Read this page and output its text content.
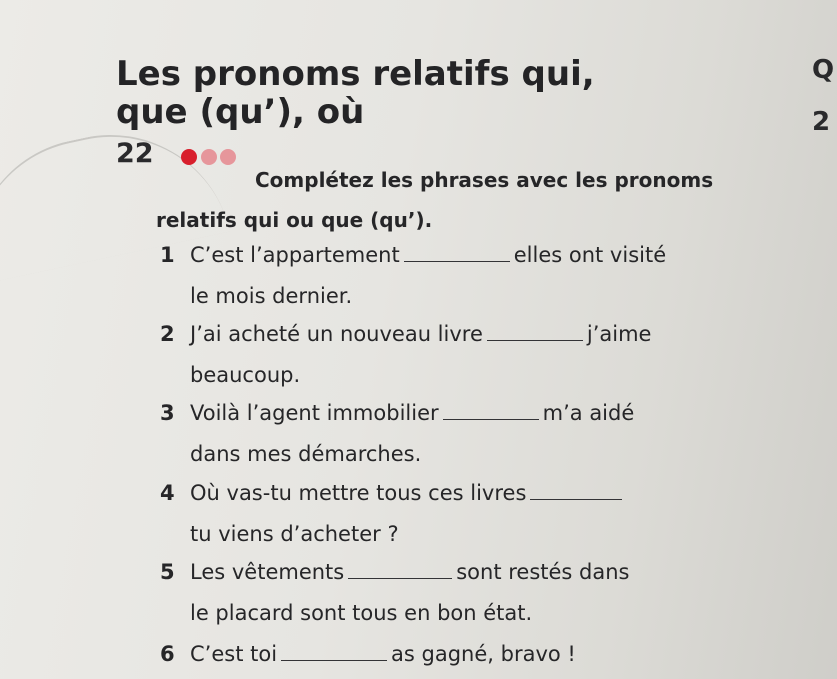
Les pronoms relatifs qui,
que (qu’), où
Q
2
22

Complétez les phrases avec les pronoms relatifs qui ou que (qu’).

1 C’est l’appartement	elles ont visité
le mois dernier.

2 J’ai acheté un nouveau livre	j’aime
beaucoup.

3 Voilà l’agent immobilier	m’a aidé
dans mes démarches.

4 Où vas-tu mettre tous ces livres
tu viens d’acheter ?

5 Les vêtements	sont restés dans
le placard sont tous en bon état.

6 C’est toi	as gagné, bravo !
